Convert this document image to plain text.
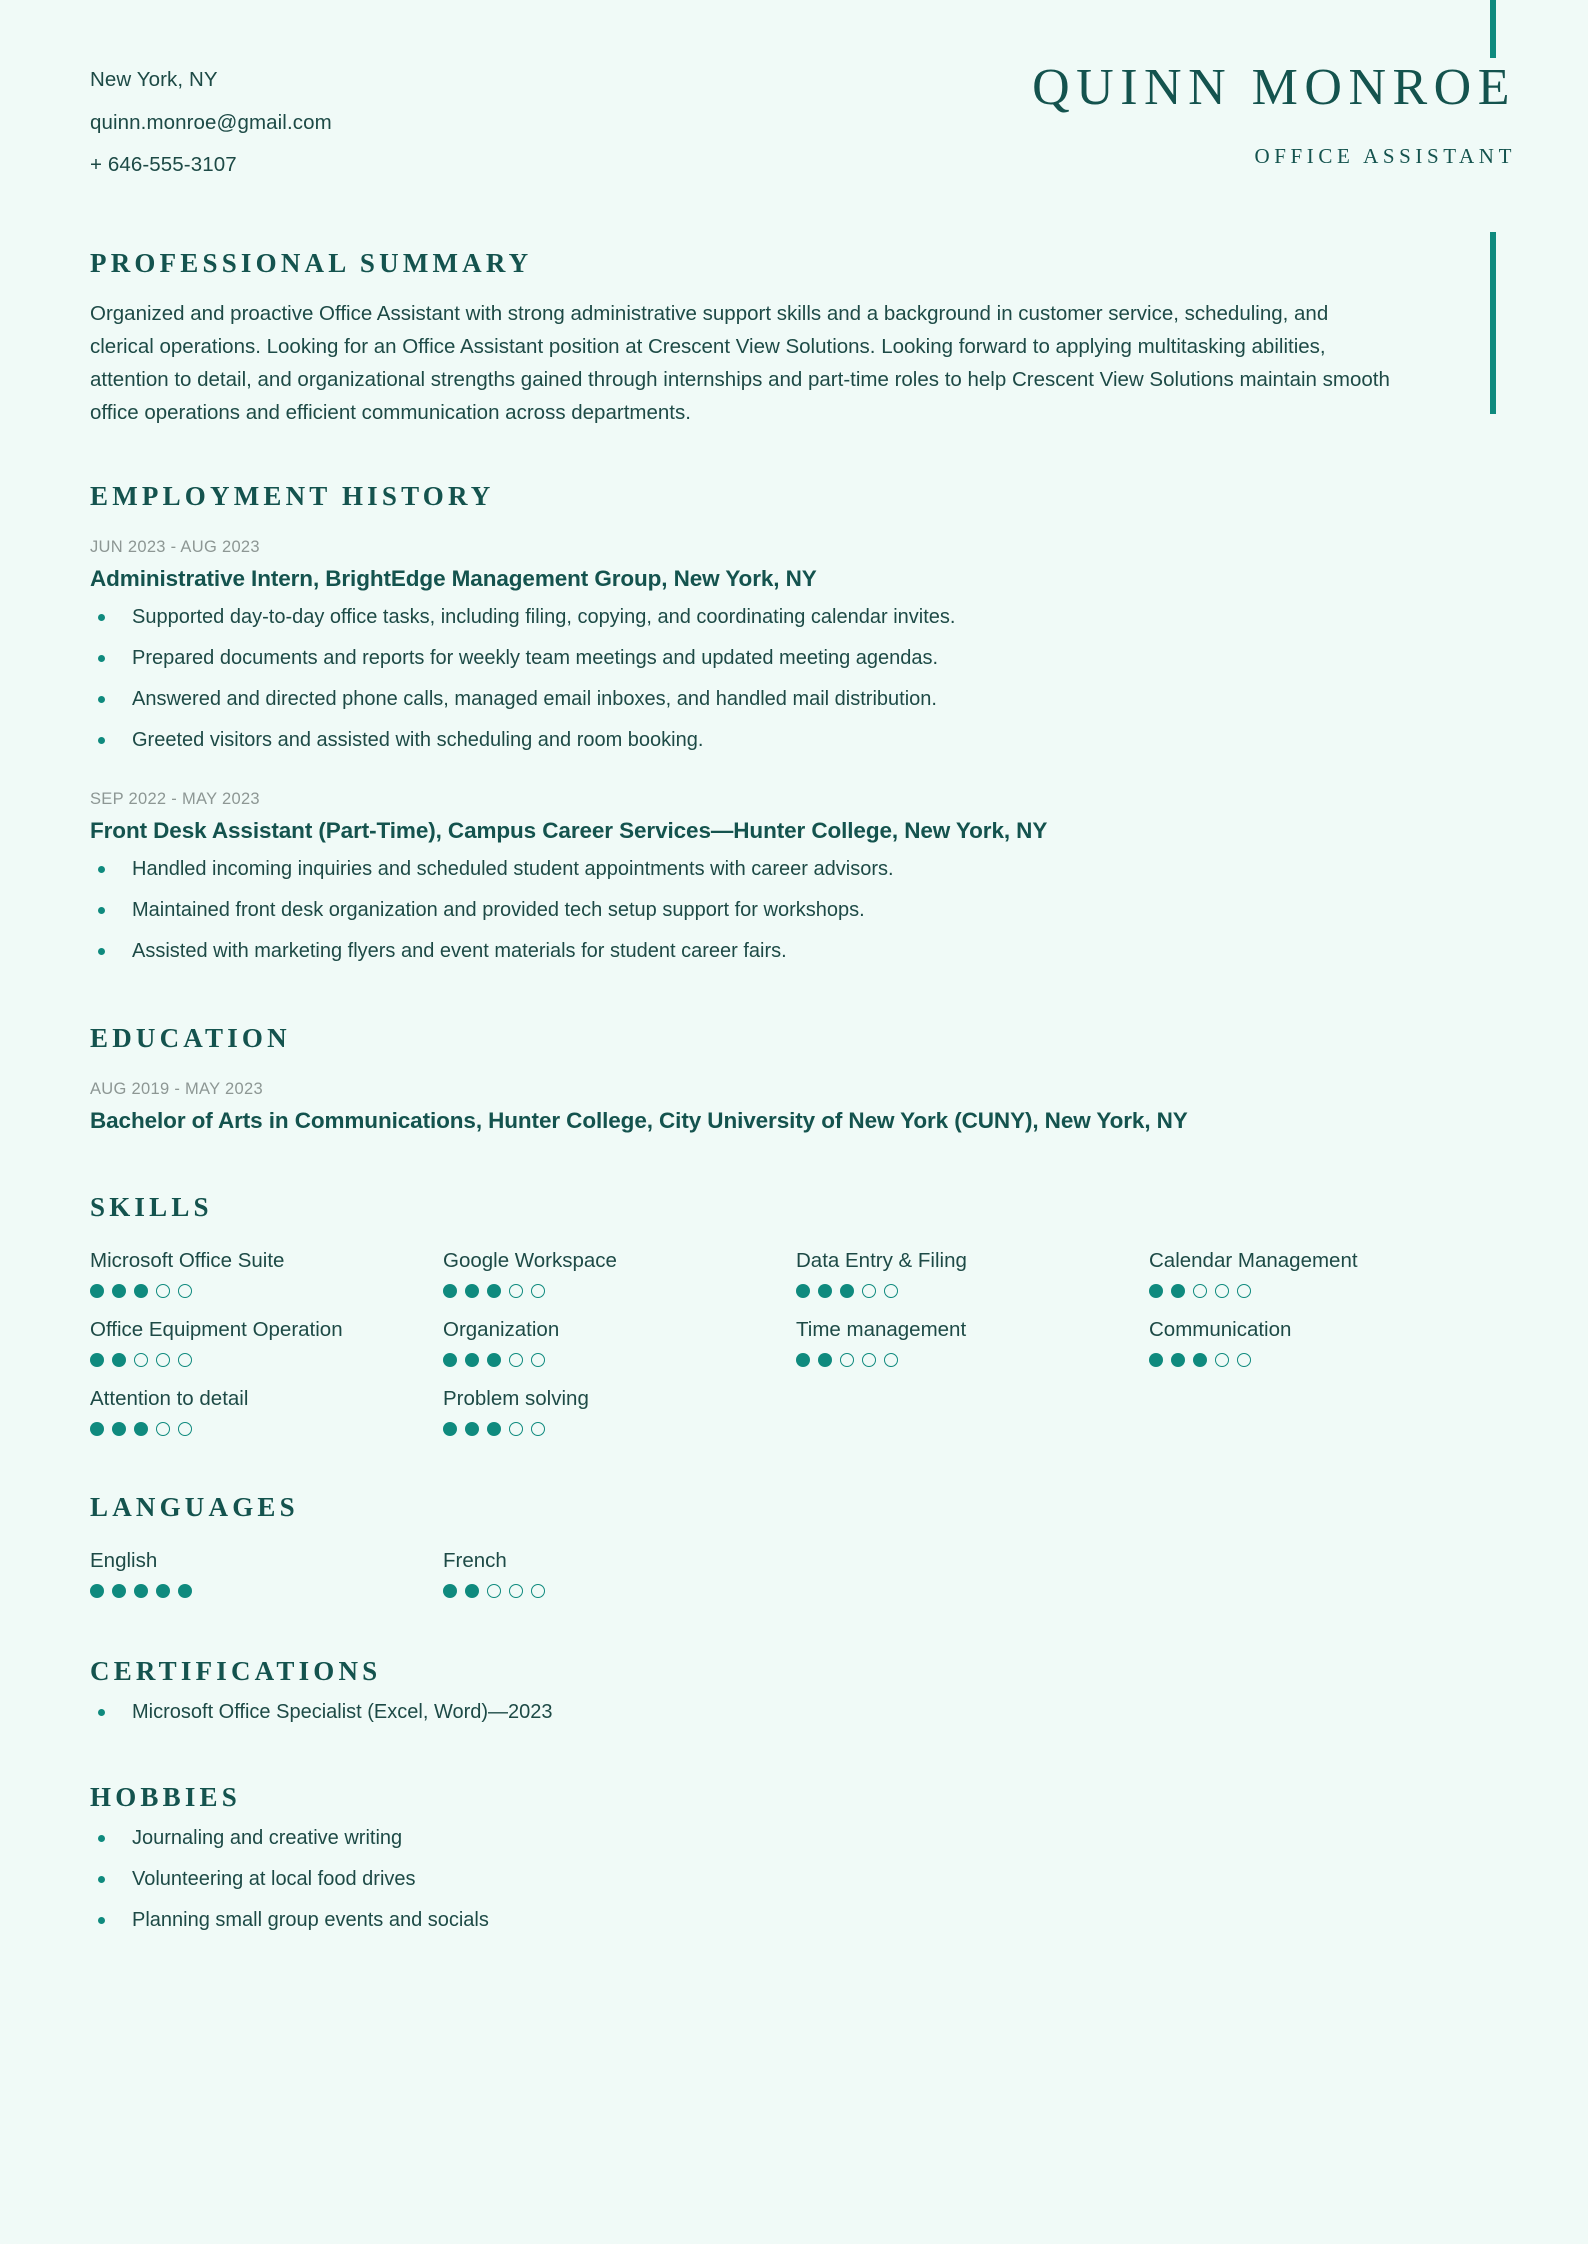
New York, NY
quinn.monroe@gmail.com
+ 646-555-3107
QUINN MONROE
OFFICE ASSISTANT
PROFESSIONAL SUMMARY
Organized and proactive Office Assistant with strong administrative support skills and a background in customer service, scheduling, and clerical operations. Looking for an Office Assistant position at Crescent View Solutions. Looking forward to applying multitasking abilities, attention to detail, and organizational strengths gained through internships and part-time roles to help Crescent View Solutions maintain smooth office operations and efficient communication across departments.
EMPLOYMENT HISTORY
JUN 2023 - AUG 2023
Administrative Intern, BrightEdge Management Group, New York, NY
Supported day-to-day office tasks, including filing, copying, and coordinating calendar invites.
Prepared documents and reports for weekly team meetings and updated meeting agendas.
Answered and directed phone calls, managed email inboxes, and handled mail distribution.
Greeted visitors and assisted with scheduling and room booking.
SEP 2022 - MAY 2023
Front Desk Assistant (Part-Time), Campus Career Services—Hunter College, New York, NY
Handled incoming inquiries and scheduled student appointments with career advisors.
Maintained front desk organization and provided tech setup support for workshops.
Assisted with marketing flyers and event materials for student career fairs.
EDUCATION
AUG 2019 - MAY 2023
Bachelor of Arts in Communications, Hunter College, City University of New York (CUNY), New York, NY
SKILLS
Microsoft Office Suite	Google Workspace	Data Entry & Filing	Calendar Management
Office Equipment Operation	Organization	Time management	Communication
Attention to detail	Problem solving
LANGUAGES
English	French
CERTIFICATIONS
Microsoft Office Specialist (Excel, Word)—2023
HOBBIES
Journaling and creative writing
Volunteering at local food drives
Planning small group events and socials
